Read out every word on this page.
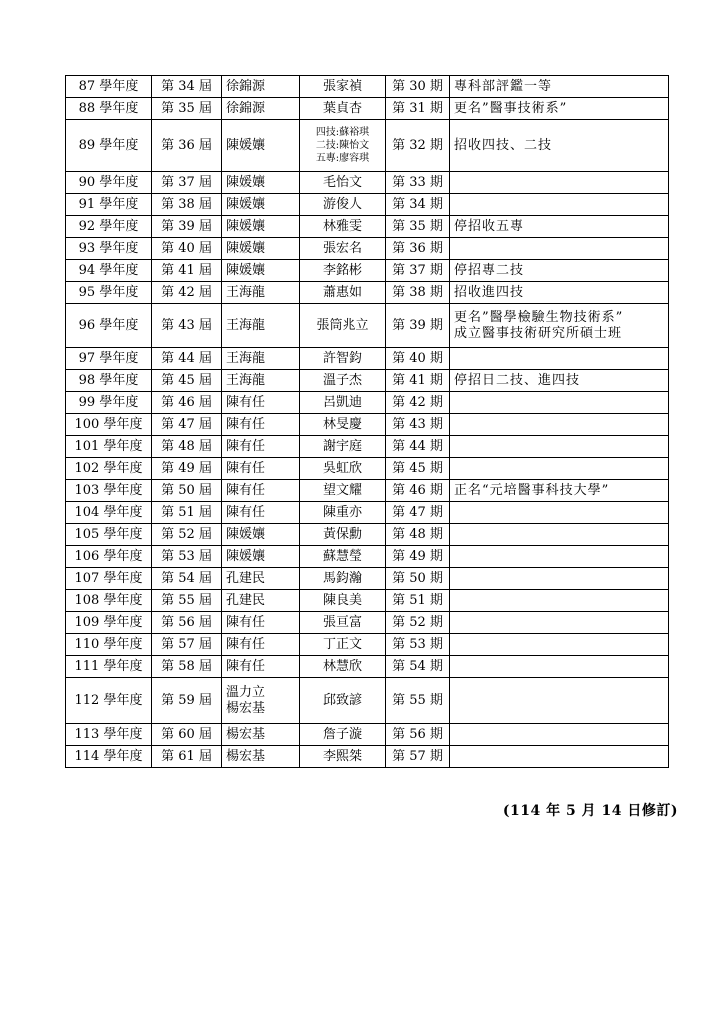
87 學年度	第 34 屆	徐錦源	張家禎	第 30 期	專科部評鑑一等
88 學年度	第 35 屆	徐錦源	葉貞杏	第 31 期	更名”醫事技術系”
89 學年度	第 36 屆	陳媛孃	四技:蘇裕琪
二技:陳怡文
五專:廖容琪	第 32 期	招收四技、二技
90 學年度	第 37 屆	陳媛孃	毛怡文	第 33 期	
91 學年度	第 38 屆	陳媛孃	游俊人	第 34 期	
92 學年度	第 39 屆	陳媛孃	林雅雯	第 35 期	停招收五專
93 學年度	第 40 屆	陳媛孃	張宏名	第 36 期	
94 學年度	第 41 屆	陳媛孃	李銘彬	第 37 期	停招專二技
95 學年度	第 42 屆	王海龍	蕭惠如	第 38 期	招收進四技
96 學年度	第 43 屆	王海龍	張筒兆立	第 39 期	更名”醫學檢驗生物技術系”
成立醫事技術研究所碩士班

97 學年度	第 44 屆	王海龍	許智鈞	第 40 期	
98 學年度	第 45 屆	王海龍	溫子杰	第 41 期	停招日二技、進四技
99 學年度	第 46 屆	陳有任	呂凱迪	第 42 期	
100 學年度	第 47 屆	陳有任	林旻慶	第 43 期	
101 學年度	第 48 屆	陳有任	謝宇庭	第 44 期	
102 學年度	第 49 屆	陳有任	吳虹欣	第 45 期	
103 學年度	第 50 屆	陳有任	望文耀	第 46 期	正名“元培醫事科技大學”
104 學年度	第 51 屆	陳有任	陳重亦	第 47 期	
105 學年度	第 52 屆	陳媛孃	黃保勳	第 48 期	
106 學年度	第 53 屆	陳媛孃	蘇慧瑩	第 49 期	
107 學年度	第 54 屆	孔建民	馬鈞瀚	第 50 期	
108 學年度	第 55 屆	孔建民	陳良美	第 51 期	
109 學年度	第 56 屆	陳有任	張亘富	第 52 期	
110 學年度	第 57 屆	陳有任	丁正文	第 53 期	
111 學年度	第 58 屆	陳有任	林慧欣	第 54 期	
112 學年度	第 59 屆	溫力立
楊宏基	邱致諺	第 55 期	
113 學年度	第 60 屆	楊宏基	詹子漩	第 56 期	
114 學年度	第 61 屆	楊宏基	李熙桀	第 57 期	
(114 年 5 月 14 日修訂)
